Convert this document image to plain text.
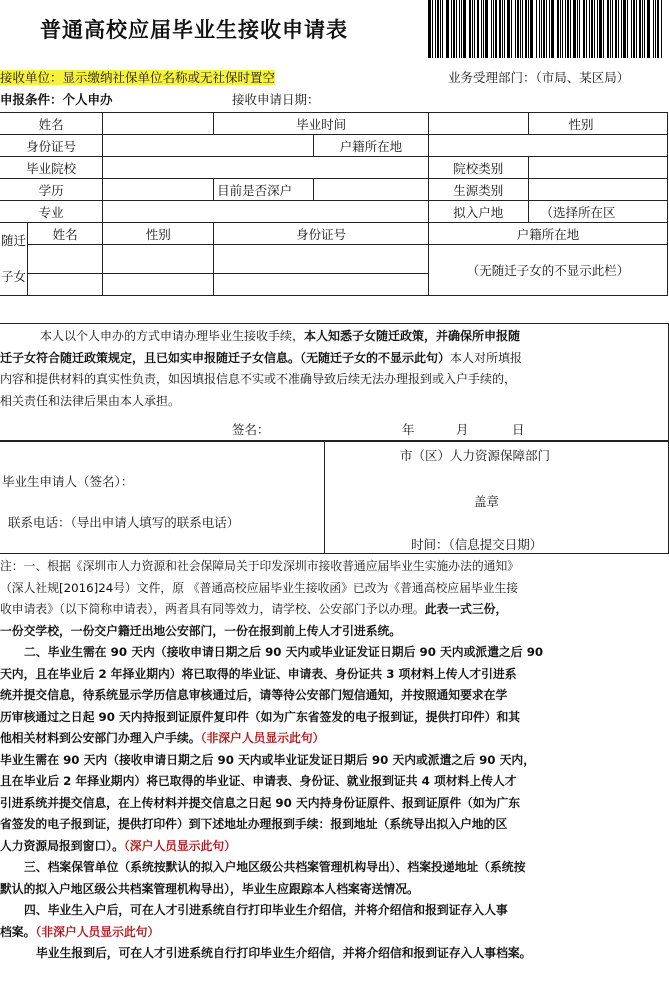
普通高校应届毕业生接收申请表
接收单位：显示缴纳社保单位名称或无社保时置空	业务受理部门：（市局、某区局）
申报条件：个人申办	接收申请日期：
姓名			毕业时间			性别
身份证号				户籍所在地		
毕业院校					院校类别	
学历			目前是否深户		生源类别	
专业					拟入户地	（选择所在区

随迁
子女	姓名	性别	身份证号		户籍所在地	
					（无随迁子女的不显示此栏）	

本人以个人申办的方式申请办理毕业生接收手续，本人知悉子女随迁政策，并确保所申报随
迁子女符合随迁政策规定，且已如实申报随迁子女信息。（无随迁子女的不显示此句）本人对所填报
内容和提供材料的真实性负责，如因填报信息不实或不准确导致后续无法办理报到或入户手续的，
相关责任和法律后果由本人承担。
签名：	年	月	日
毕业生申请人（签名）：
联系电话：（导出申请人填写的联系电话）
市（区）人力资源保障部门
盖章
时间：（信息提交日期）
注：一、根据《深圳市人力资源和社会保障局关于印发深圳市接收普通应届毕业生实施办法的通知》
（深人社规[2016]24号）文件，原 《普通高校应届毕业生接收函》已改为《普通高校应届毕业生接
收申请表》（以下简称申请表），两者具有同等效力，请学校、公安部门予以办理。此表一式三份，
一份交学校，一份交户籍迁出地公安部门，一份在报到前上传人才引进系统。
二、毕业生需在 90 天内（接收申请日期之后 90 天内或毕业证发证日期后 90 天内或派遣之后 90
天内，且在毕业后 2 年择业期内）将已取得的毕业证、申请表、身份证共 3 项材料上传人才引进系
统并提交信息，待系统显示学历信息审核通过后，请等待公安部门短信通知，并按照通知要求在学
历审核通过之日起 90 天内持报到证原件复印件（如为广东省签发的电子报到证，提供打印件）和其
他相关材料到公安部门办理入户手续。（非深户人员显示此句）
毕业生需在 90 天内（接收申请日期之后 90 天内或毕业证发证日期后 90 天内或派遣之后 90 天内，
且在毕业后 2 年择业期内）将已取得的毕业证、申请表、身份证、就业报到证共 4 项材料上传人才
引进系统并提交信息，在上传材料并提交信息之日起 90 天内持身份证原件、报到证原件（如为广东
省签发的电子报到证，提供打印件）到下述地址办理报到手续：报到地址（系统导出拟入户地的区
人力资源局报到窗口）。（深户人员显示此句）
三、档案保管单位（系统按默认的拟入户地区级公共档案管理机构导出）、档案投递地址（系统按
默认的拟入户地区级公共档案管理机构导出），毕业生应跟踪本人档案寄送情况。
四、毕业生入户后，可在人才引进系统自行打印毕业生介绍信，并将介绍信和报到证存入人事
档案。（非深户人员显示此句）
毕业生报到后，可在人才引进系统自行打印毕业生介绍信，并将介绍信和报到证存入人事档案。
